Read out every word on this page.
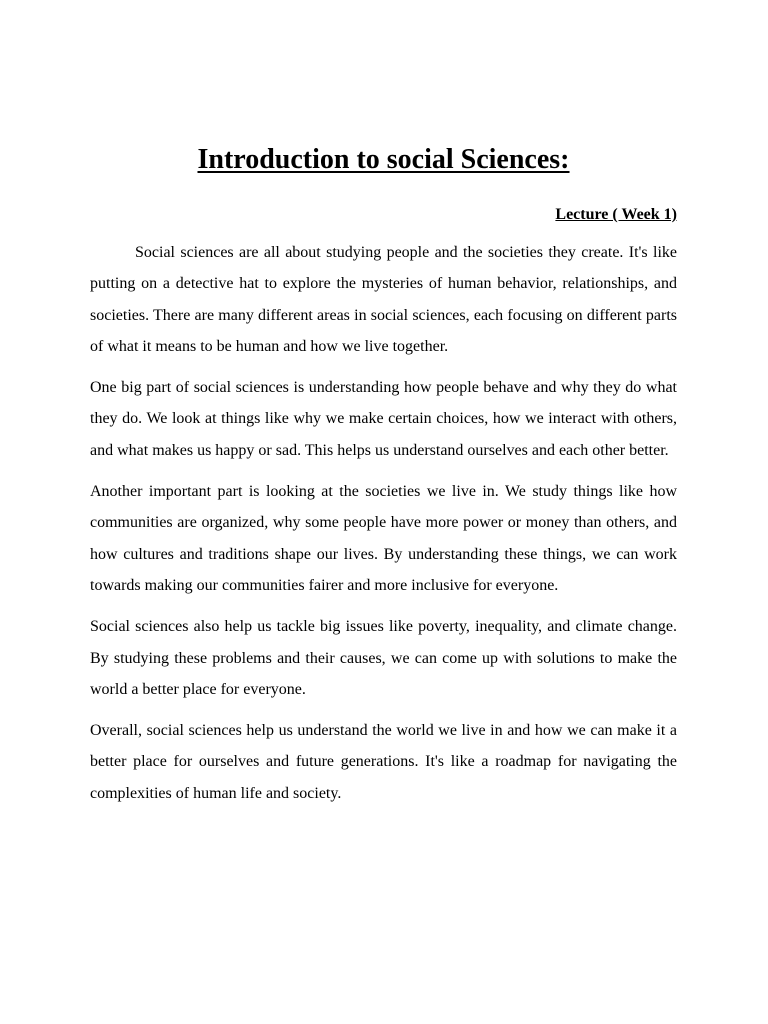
Introduction to social Sciences:
Lecture ( Week 1)

Social sciences are all about studying people and the societies they create. It's like putting on a detective hat to explore the mysteries of human behavior, relationships, and societies. There are many different areas in social sciences, each focusing on different parts of what it means to be human and how we live together.

One big part of social sciences is understanding how people behave and why they do what they do. We look at things like why we make certain choices, how we interact with others, and what makes us happy or sad. This helps us understand ourselves and each other better.

Another important part is looking at the societies we live in. We study things like how communities are organized, why some people have more power or money than others, and how cultures and traditions shape our lives. By understanding these things, we can work towards making our communities fairer and more inclusive for everyone.

Social sciences also help us tackle big issues like poverty, inequality, and climate change. By studying these problems and their causes, we can come up with solutions to make the world a better place for everyone.

Overall, social sciences help us understand the world we live in and how we can make it a better place for ourselves and future generations. It's like a roadmap for navigating the complexities of human life and society.
